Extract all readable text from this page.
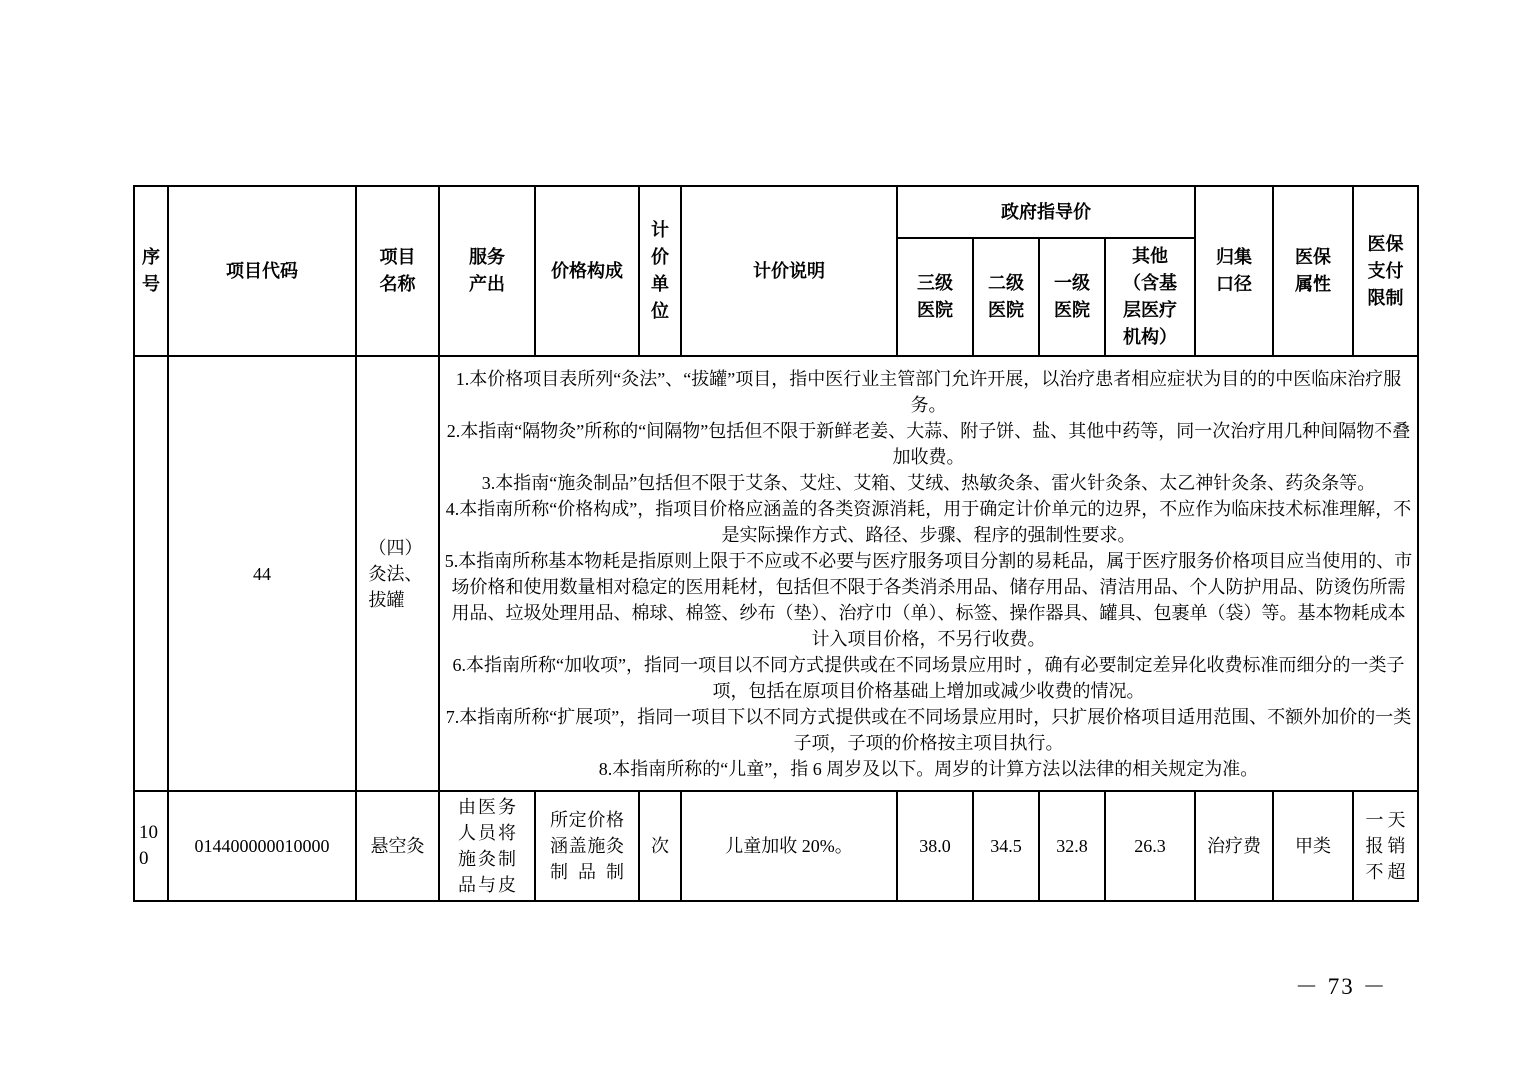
序号	项目代码	项目名称	服务产出	价格构成	计价单位	计价说明	政府指导价				归集口径	医保属性	医保支付限制
							三级医院	二级医院	一级医院	其他（含基层医疗机构）			
	44	（四）灸法、拔罐	

1.本价格项目表所列“灸法”、“拔罐”项目，指中医行业主管部门允许开展，以治疗患者相应症状为目的的中医临床治疗服务。

2.本指南“隔物灸”所称的“间隔物”包括但不限于新鲜老姜、大蒜、附子饼、盐、其他中药等，同一次治疗用几种间隔物不叠加收费。

3.本指南“施灸制品”包括但不限于艾条、艾炷、艾箱、艾绒、热敏灸条、雷火针灸条、太乙神针灸条、药灸条等。

4.本指南所称“价格构成”，指项目价格应涵盖的各类资源消耗，用于确定计价单元的边界，不应作为临床技术标准理解，不是实际操作方式、路径、步骤、程序的强制性要求。

5.本指南所称基本物耗是指原则上限于不应或不必要与医疗服务项目分割的易耗品，属于医疗服务价格项目应当使用的、市场价格和使用数量相对稳定的医用耗材，包括但不限于各类消杀用品、储存用品、清洁用品、个人防护用品、防烫伤所需用品、垃圾处理用品、棉球、棉签、纱布（垫）、治疗巾（单）、标签、操作器具、罐具、包裹单（袋）等。基本物耗成本计入项目价格，不另行收费。

6.本指南所称“加收项”，指同一项目以不同方式提供或在不同场景应用时 ，确有必要制定差异化收费标准而细分的一类子项，包括在原项目价格基础上增加或减少收费的情况。

7.本指南所称“扩展项”，指同一项目下以不同方式提供或在不同场景应用时，只扩展价格项目适用范围、不额外加价的一类子项，子项的价格按主项目执行。

8.本指南所称的“儿童”，指 6 周岁及以下。周岁的计算方法以法律的相关规定为准。

100	014400000010000	悬空灸	由医务人员将施灸制品与皮	所定价格涵盖施灸制品制	次	儿童加收 20%。	38.0	34.5	32.8	26.3	治疗费	甲类	一天报销不超
－ 73 －
